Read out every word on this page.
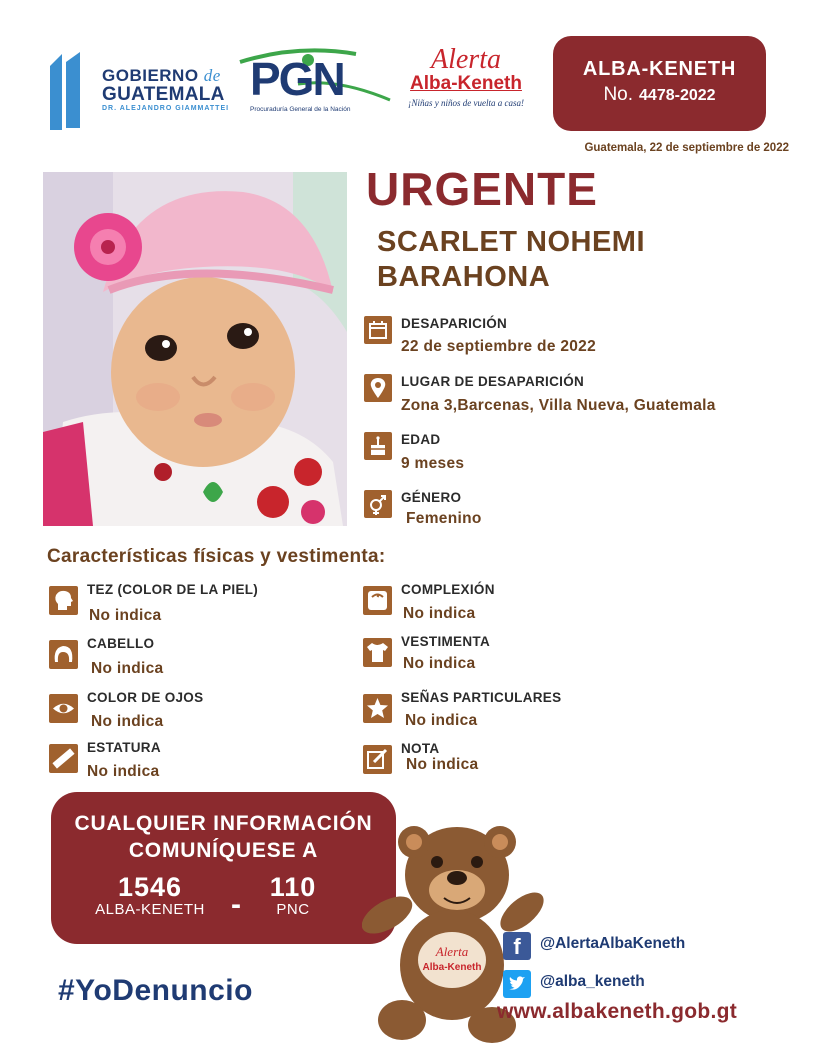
GOBIERNO de
GUATEMALA
DR. ALEJANDRO GIAMMATTEI
PGN
Procuraduría General de la Nación
Alerta
Alba-Keneth
¡Niñas y niños de vuelta a casa!
ALBA-KENETH
No. 4478-2022
Guatemala, 22 de septiembre de 2022
URGENTE
SCARLET NOHEMI
BARAHONA
DESAPARICIÓN
22 de septiembre de 2022
LUGAR DE DESAPARICIÓN
Zona 3,Barcenas, Villa Nueva, Guatemala
EDAD
9 meses
GÉNERO
Femenino
Características físicas y vestimenta:
TEZ (COLOR DE LA PIEL)
No indica
CABELLO
No indica
COLOR DE OJOS
No indica
ESTATURA
No indica
COMPLEXIÓN
No indica
VESTIMENTA
No indica
SEÑAS PARTICULARES
No indica
NOTA
No indica
CUALQUIER INFORMACIÓN
COMUNÍQUESE A
1546
ALBA-KENETH -
110
PNC
#YoDenuncio
Alerta
Alba-Keneth
f	@AlertaAlbaKeneth
@alba_keneth
www.albakeneth.gob.gt
